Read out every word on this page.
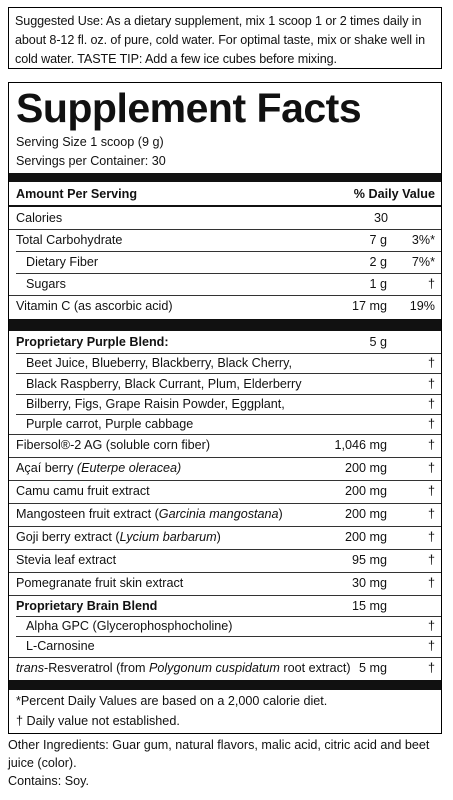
Suggested Use: As a dietary supplement, mix 1 scoop 1 or 2 times daily in about 8-12 fl. oz. of pure, cold water. For optimal taste, mix or shake well in cold water. TASTE TIP: Add a few ice cubes before mixing.
Supplement Facts
Serving Size 1 scoop (9 g)
Servings per Container: 30
Amount Per Serving	% Daily Value
Calories	30
Total Carbohydrate	7 g 3%*
Dietary Fiber	2 g 7%*
Sugars	1 g	†
Vitamin C (as ascorbic acid)	17 mg 19%
Proprietary Purple Blend:	5 g
Beet Juice, Blueberry, Blackberry, Black Cherry,	†
Black Raspberry, Black Currant, Plum, Elderberry	†
Bilberry, Figs, Grape Raisin Powder, Eggplant,	†
Purple carrot, Purple cabbage	†
Fibersol®-2 AG (soluble corn fiber)	1,046 mg	†
Açaí berry (Euterpe oleracea)	200 mg	†
Camu camu fruit extract	200 mg	†
Mangosteen fruit extract (Garcinia mangostana)	200 mg	†
Goji berry extract (Lycium barbarum)	200 mg	†
Stevia leaf extract	95 mg	†
Pomegranate fruit skin extract	30 mg	†
Proprietary Brain Blend	15 mg
Alpha GPC (Glycerophosphocholine)	†
L-Carnosine	†
trans-Resveratrol (from Polygonum cuspidatum root extract) 5 mg	†
*Percent Daily Values are based on a 2,000 calorie diet.
† Daily value not established.
Other Ingredients: Guar gum, natural flavors, malic acid, citric acid and beet juice (color).
Contains: Soy.
